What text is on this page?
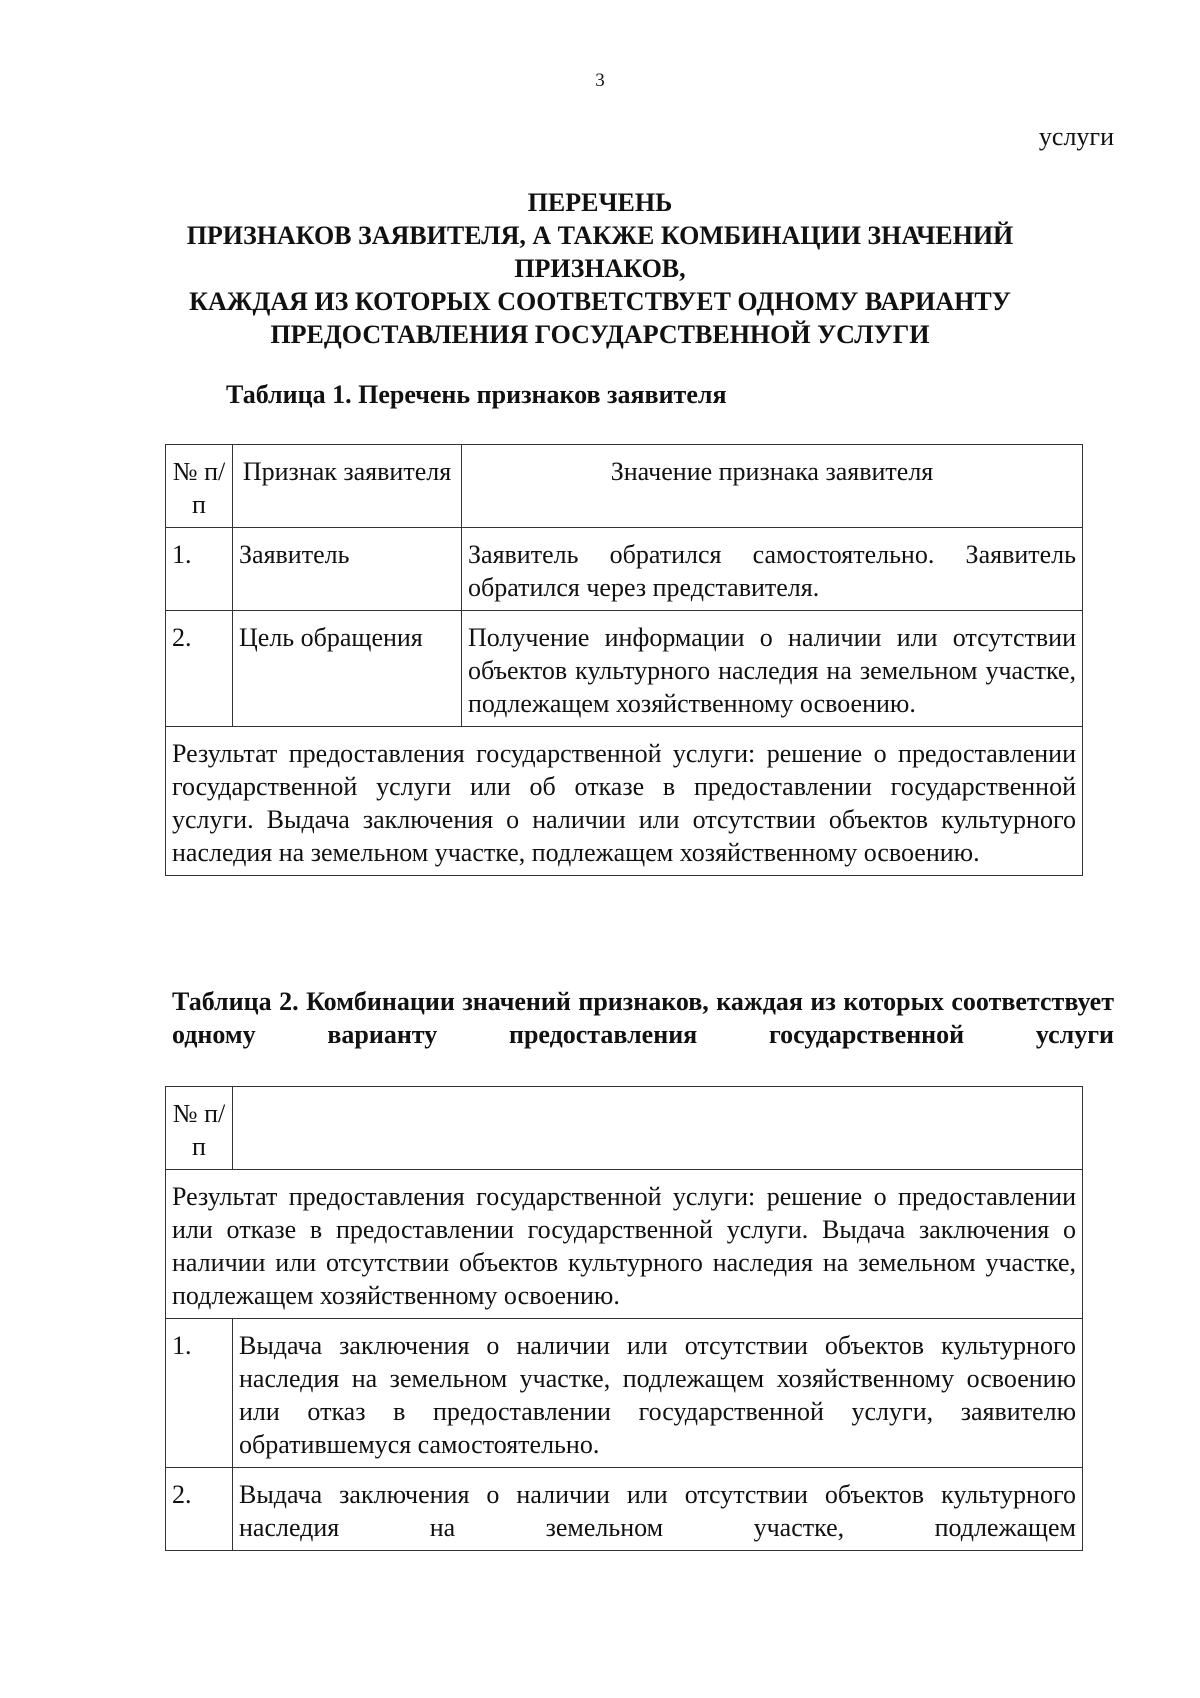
3
услуги
ПЕРЕЧЕНЬ
ПРИЗНАКОВ ЗАЯВИТЕЛЯ, А ТАКЖЕ КОМБИНАЦИИ ЗНАЧЕНИЙ
ПРИЗНАКОВ,
КАЖДАЯ ИЗ КОТОРЫХ СООТВЕТСТВУЕТ ОДНОМУ ВАРИАНТУ
ПРЕДОСТАВЛЕНИЯ ГОСУДАРСТВЕННОЙ УСЛУГИ
Таблица 1. Перечень признаков заявителя
№ п/п	Признак заявителя	Значение признака заявителя
1.	Заявитель	Заявитель обратился самостоятельно. Заявитель обратился через представителя.
2.	Цель обращения	Получение информации о наличии или отсутствии объектов культурного наследия на земельном участке, подлежащем хозяйственному освоению.
Результат предоставления государственной услуги: решение о предоставлении государственной услуги или об отказе в предоставлении государственной услуги. Выдача заключения о наличии или отсутствии объектов культурного наследия на земельном участке, подлежащем хозяйственному освоению.		
Таблица 2. Комбинации значений признаков, каждая из которых соответствует одному варианту предоставления государственной услуги
№ п/п	
Результат предоставления государственной услуги: решение о предоставлении или отказе в предоставлении государственной услуги. Выдача заключения о наличии или отсутствии объектов культурного наследия на земельном участке, подлежащем хозяйственному освоению.	
1.	Выдача заключения о наличии или отсутствии объектов культурного наследия на земельном участке, подлежащем хозяйственному освоению или отказ в предоставлении государственной услуги, заявителю обратившемуся самостоятельно.
2.	Выдача заключения о наличии или отсутствии объектов культурного наследия на земельном участке, подлежащем
